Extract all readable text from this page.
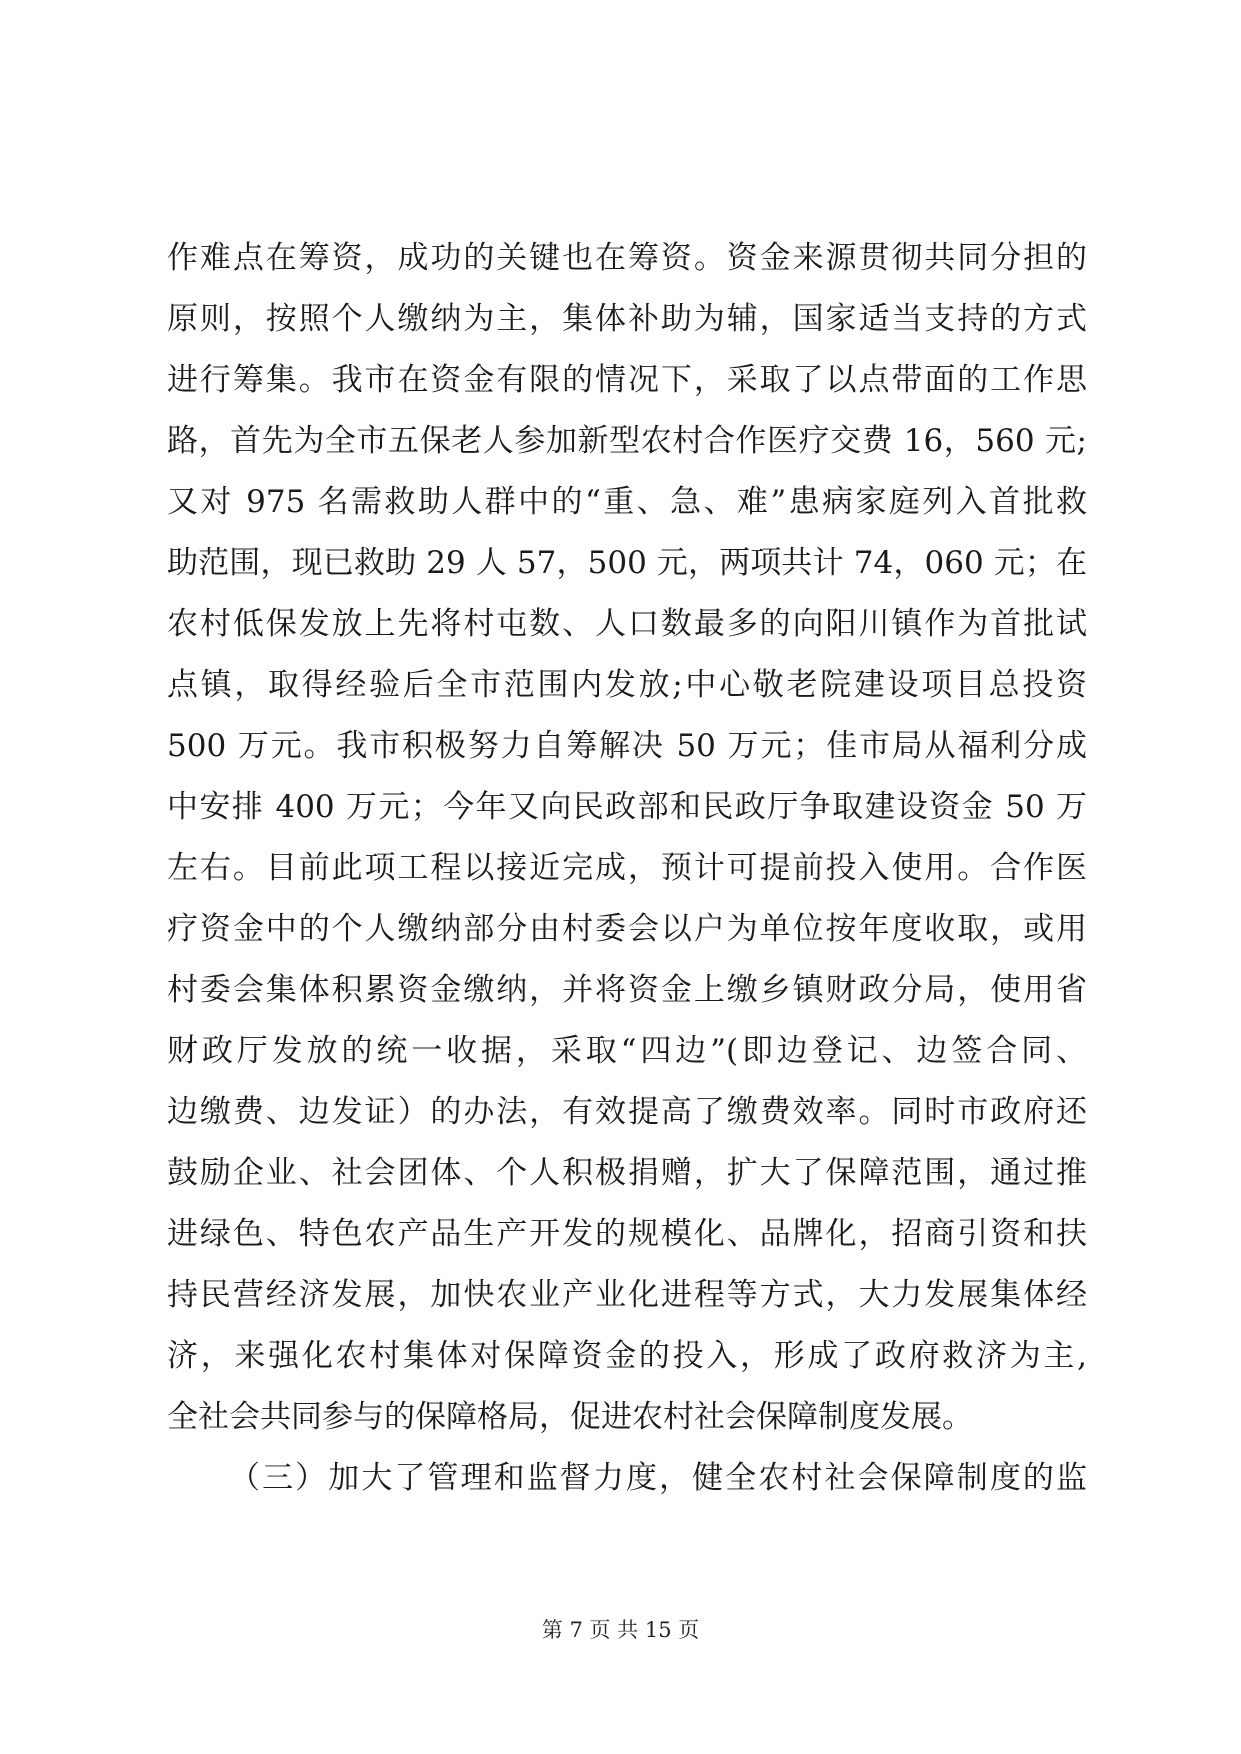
作难点在筹资，成功的关键也在筹资。资金来源贯彻共同分担的
原则，按照个人缴纳为主，集体补助为辅，国家适当支持的方式
进行筹集。我市在资金有限的情况下，采取了以点带面的工作思
路，首先为全市五保老人参加新型农村合作医疗交费 16，560 元;
又对 975 名需救助人群中的“重、急、难”患病家庭列入首批救
助范围，现已救助 29 人 57，500 元，两项共计 74，060 元；在
农村低保发放上先将村屯数、人口数最多的向阳川镇作为首批试
点镇，取得经验后全市范围内发放;中心敬老院建设项目总投资
500 万元。我市积极努力自筹解决 50 万元；佳市局从福利分成
中安排 400 万元；今年又向民政部和民政厅争取建设资金 50 万
左右。目前此项工程以接近完成，预计可提前投入使用。合作医
疗资金中的个人缴纳部分由村委会以户为单位按年度收取，或用
村委会集体积累资金缴纳，并将资金上缴乡镇财政分局，使用省
财政厅发放的统一收据，采取“四边”(即边登记、边签合同、
边缴费、边发证）的办法，有效提高了缴费效率。同时市政府还
鼓励企业、社会团体、个人积极捐赠，扩大了保障范围，通过推
进绿色、特色农产品生产开发的规模化、品牌化，招商引资和扶
持民营经济发展，加快农业产业化进程等方式，大力发展集体经
济，来强化农村集体对保障资金的投入，形成了政府救济为主,
全社会共同参与的保障格局，促进农村社会保障制度发展。
（三）加大了管理和监督力度，健全农村社会保障制度的监
第 7 页 共 15 页
